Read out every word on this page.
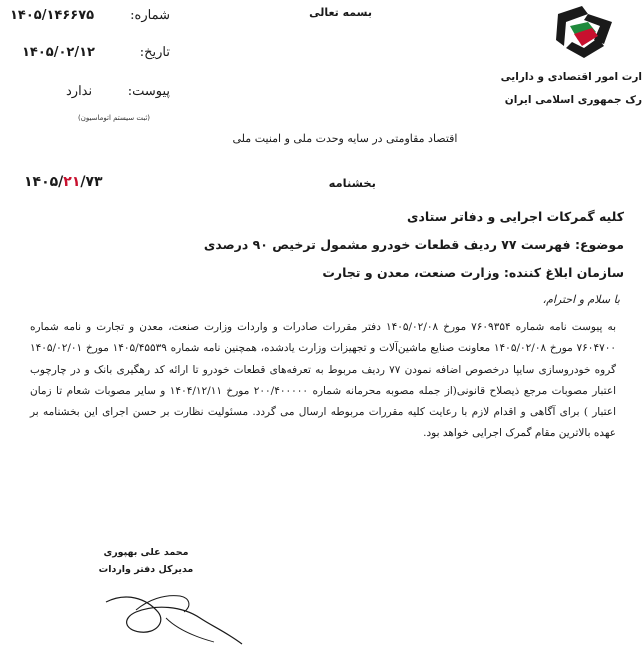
ارت امور اقتصادی و دارایی
رک جمهوری اسلامی ایران
بسمه تعالی
۱۴۰۵/۱۴۶۶۷۵	شماره:
۱۴۰۵/۰۲/۱۲	تاریخ:
ندارد	پیوست:
(ثبت سیستم اتوماسیون)
اقتصاد مقاومتی در سایه وحدت ملی و امنیت ملی
بخشنامه
۱۴۰۵/۲۱/۷۳
کلیه گمرکات اجرایی و دفاتر ستادی
موضوع: فهرست ۷۷ ردیف قطعات خودرو مشمول ترخیص ۹۰ درصدی
سازمان ابلاغ کننده: وزارت صنعت، معدن و تجارت
با سلام و احترام،
به پیوست نامه شماره ۷۶۰۹۳۵۴ مورخ ۱۴۰۵/۰۲/۰۸ دفتر مقررات صادرات و واردات وزارت صنعت، معدن و تجارت و نامه شماره ۷۶۰۴۷۰۰ مورخ ۱۴۰۵/۰۲/۰۸ معاونت صنایع ماشین‌آلات و تجهیزات وزارت یادشده، همچنین نامه شماره ۱۴۰۵/۴۵۵۳۹ مورخ ۱۴۰۵/۰۲/۰۱ گروه خودروسازی سایپا درخصوص اضافه نمودن ۷۷ ردیف مربوط به تعرفه‌های قطعات خودرو تا ارائه کد رهگیری بانک و در چارچوب اعتبار مصوبات مرجع ذیصلاح قانونی(از جمله مصوبه محرمانه شماره ۲۰۰/۴۰۰۰۰۰ مورخ ۱۴۰۴/۱۲/۱۱ و سایر مصوبات شعام تا زمان اعتبار ) برای آگاهی و اقدام لازم با رعایت کلیه مقررات مربوطه ارسال می گردد. مسئولیت نظارت بر حسن اجرای این بخشنامه بر عهده بالاترین مقام گمرک اجرایی خواهد بود.
محمد علی بهپوری
مدیرکل دفتر واردات
